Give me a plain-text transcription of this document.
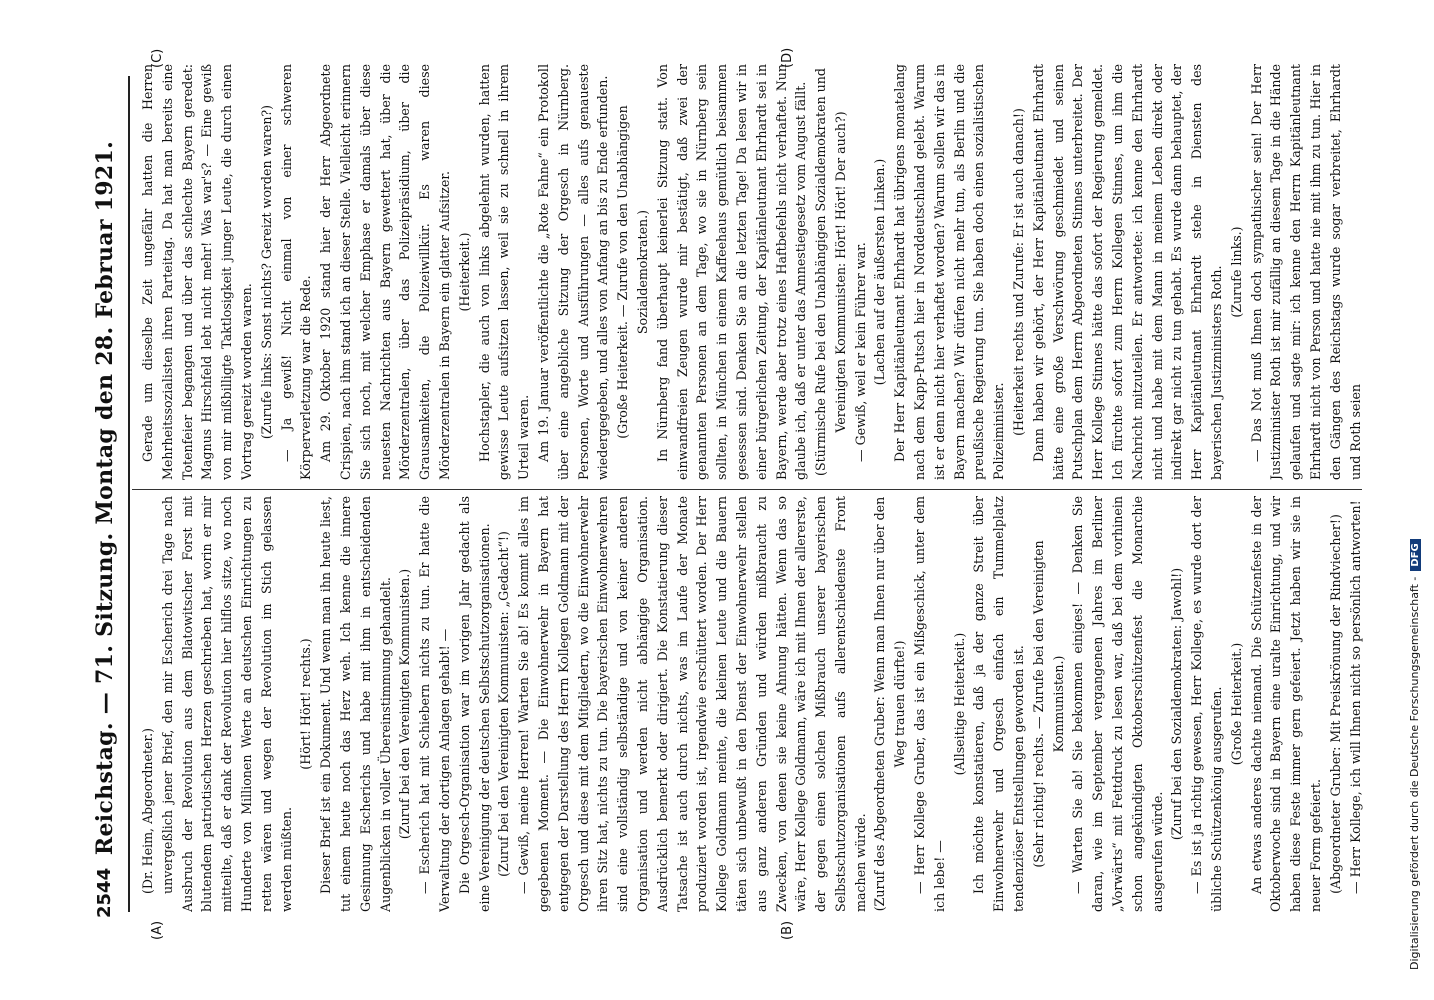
2544
Reichstag. — 71. Sitzung. Montag den 28. Februar 1921. (Dr. Heim, Abgeordneter.) unvergeßlich jener Brief, den mir Escherich drei Tage nach Ausbruch der Revolution aus dem Blatowitscher Forst mit blutendem patriotischen Herzen geschrieben hat, worin er mir mitteilte, daß er dank der Revolution hier hilflos sitze, wo noch Hunderte von Millionen Werte an deutschen Einrichtungen zu retten wären und wegen der Revolution im Stich gelassen werden müßten.

(Hört! Hört! rechts.) Dieser Brief ist ein Dokument. Und wenn man ihn heute liest, tut einem heute noch das Herz weh. Ich kenne die innere Gesinnung Escherichs und habe mit ihm in entscheidenden Augenblicken in voller Übereinstimmung gehandelt. (Zuruf bei den Vereinigten Kommunisten.) — Escherich hat mit Schiebern nichts zu tun. Er hatte die Verwaltung der dortigen Anlagen gehabt! — Die Orgesch-Organisation war im vorigen Jahr gedacht als eine Vereinigung der deutschen Selbstschutzorganisationen. (Zuruf bei den Vereinigten Kommunisten: „Gedacht“!) — Gewiß, meine Herren! Warten Sie ab! Es kommt alles im gegebenen Moment. — Die Einwohnerwehr in Bayern hat entgegen der Darstellung des Herrn Kollegen Goldmann mit der Orgesch und diese mit dem Mitgliedern, wo die Einwohnerwehr ihren Sitz hat, nichts zu tun. Die bayerischen Einwohnerwehren sind eine vollständig selbständige und von keiner anderen Organisation und werden nicht abhängige Organisation. Ausdrücklich bemerkt oder dirigiert. Die Konstatierung dieser Tatsache ist auch durch nichts, was im Laufe der Monate produziert worden ist, irgendwie erschüttert worden. Der Herr Kollege Goldmann meinte, die kleinen Leute und die Bauern täten sich unbewußt in den Dienst der Einwohnerwehr stellen aus ganz anderen Gründen und würden mißbraucht zu Zwecken, von denen sie keine Ahnung hätten. Wenn das so wäre, Herr Kollege Goldmann, wäre ich mit Ihnen der allererste, der gegen einen solchen Mißbrauch unserer bayerischen Selbstschutzorganisationen aufs allerentschiedenste Front machen würde. (Zuruf des Abgeordneten Gruber: Wenn man Ihnen nur über den Weg trauen dürfte!) — Herr Kollege Gruber, das ist ein Mißgeschick, unter dem ich lebe! —

(Allseitige Heiterkeit.) Ich möchte konstatieren, daß ja der ganze Streit über Einwohnerwehr und Orgesch einfach ein Tummelplatz tendenziöser Entstellungen geworden ist. (Sehr richtig! rechts. — Zurufe bei den Vereinigten Kommunisten.) — Warten Sie ab! Sie bekommen einiges! — Denken Sie daran, wie im September vergangenen Jahres im Berliner „Vorwärts“ mit Fettdruck zu lesen war, daß bei dem vorhinein schon angekündigten Oktoberschützenfest die Monarchie ausgerufen würde.

(Zuruf bei den Sozialdemokraten: Jawohl!) — Es ist ja richtig gewesen, Herr Kollege, es wurde dort der übliche Schützenkönig ausgerufen. (Große Heiterkeit.) An etwas anderes dachte niemand. Die Schützenfeste in der Oktoberwoche sind in Bayern eine uralte Einrichtung, und wir haben diese Feste immer gern gefeiert. Jetzt haben wir sie in neuer Form gefeiert. (Abgeordneter Gruber: Mit Preiskrönung der Rindviecher!) — Herr Kollege, ich will Ihnen nicht so persönlich antworten!

Gerade um dieselbe Zeit ungefähr hatten die Herren Mehrheitssozialisten ihren Parteitag. Da hat man bereits eine Totenfeier begangen und über das schlechte Bayern geredet: Magnus Hirschfeld lebt nicht mehr! Was war's? — Eine gewiß von mir mißbilligte Taktlosigkeit junger Leute, die durch einen Vortrag gereizt worden waren. (Zurufe links: Sonst nichts? Gereizt worden waren?) — Ja gewiß! Nicht einmal von einer schweren Körperverletzung war die Rede. Am 29. Oktober 1920 stand hier der Herr Abgeordnete Crispien, nach ihm stand ich an dieser Stelle. Vielleicht erinnern Sie sich noch, mit welcher Emphase er damals über diese neuesten Nachrichten aus Bayern gewettert hat, über die Mörderzentralen, über das Polizeipräsidium, über die Grausamkeiten, die Polizeiwillkür. Es waren diese Mörderzentralen in Bayern ein glatter Aufsitzer. (Heiterkeit.) Hochstapler, die auch von links abgelehnt wurden, hatten gewisse Leute aufsitzen lassen, weil sie zu schnell in ihrem Urteil waren. Am 19. Januar veröffentlichte die „Rote Fahne“ ein Protokoll über eine angebliche Sitzung der Orgesch in Nürnberg. Personen, Worte und Ausführungen — alles aufs genaueste wiedergegeben, und alles von Anfang an bis zu Ende erfunden. (Große Heiterkeit. — Zurufe von den Unabhängigen Sozialdemokraten.) In Nürnberg fand überhaupt keinerlei Sitzung statt. Von einwandfreien Zeugen wurde mir bestätigt, daß zwei der genannten Personen an dem Tage, wo sie in Nürnberg sein sollten, in München in einem Kaffeehaus gemütlich beisammen gesessen sind. Denken Sie an die letzten Tage! Da lesen wir in einer bürgerlichen Zeitung, der Kapitänleutnant Ehrhardt sei in Bayern, werde aber trotz eines Haftbefehls nicht verhaftet. Nun glaube ich, daß er unter das Amnestiegesetz vom August fällt. (Stürmische Rufe bei den Unabhängigen Sozialdemokraten und Vereinigten Kommunisten: Hört! Hört! Der auch?) — Gewiß, weil er kein Führer war. (Lachen auf der äußersten Linken.) Der Herr Kapitänleutnant Ehrhardt hat übrigens monatelang nach dem Kapp-Putsch hier in Norddeutschland gelebt. Warum ist er denn nicht hier verhaftet worden? Warum sollen wir das in Bayern machen? Wir dürfen nicht mehr tun, als Berlin und die preußische Regierung tun. Sie haben doch einen sozialistischen Polizeiminister. (Heiterkeit rechts und Zurufe: Er ist auch danach!) Dann haben wir gehört, der Herr Kapitänleutnant Ehrhardt hätte eine große Verschwörung geschmiedet und seinen Putschplan dem Herrn Abgeordneten Stinnes unterbreitet. Der Herr Kollege Stinnes hätte das sofort der Regierung gemeldet. Ich fürchte sofort zum Herrn Kollegen Stinnes, um ihm die Nachricht mitzuteilen. Er antwortete: ich kenne den Ehrhardt nicht und habe mit dem Mann in meinem Leben direkt oder indirekt gar nicht zu tun gehabt. Es wurde dann behauptet, der Herr Kapitänleutnant Ehrhardt stehe in Diensten des bayerischen Justizministers Roth. (Zurufe links.) — Das Not muß Ihnen doch sympathischer sein! Der Herr Justizminister Roth ist mir zufällig an diesem Tage in die Hände gelaufen und sagte mir: ich kenne den Herrn Kapitänleutnant Ehrhardt nicht von Person und hatte nie mit ihm zu tun. Hier in den Gängen des Reichstags wurde sogar verbreitet, Ehrhardt und Roth seien

(A)	(B)
(C)	(D)
Digitalisierung gefördert durch die Deutsche Forschungsgemeinschaft -DFG
